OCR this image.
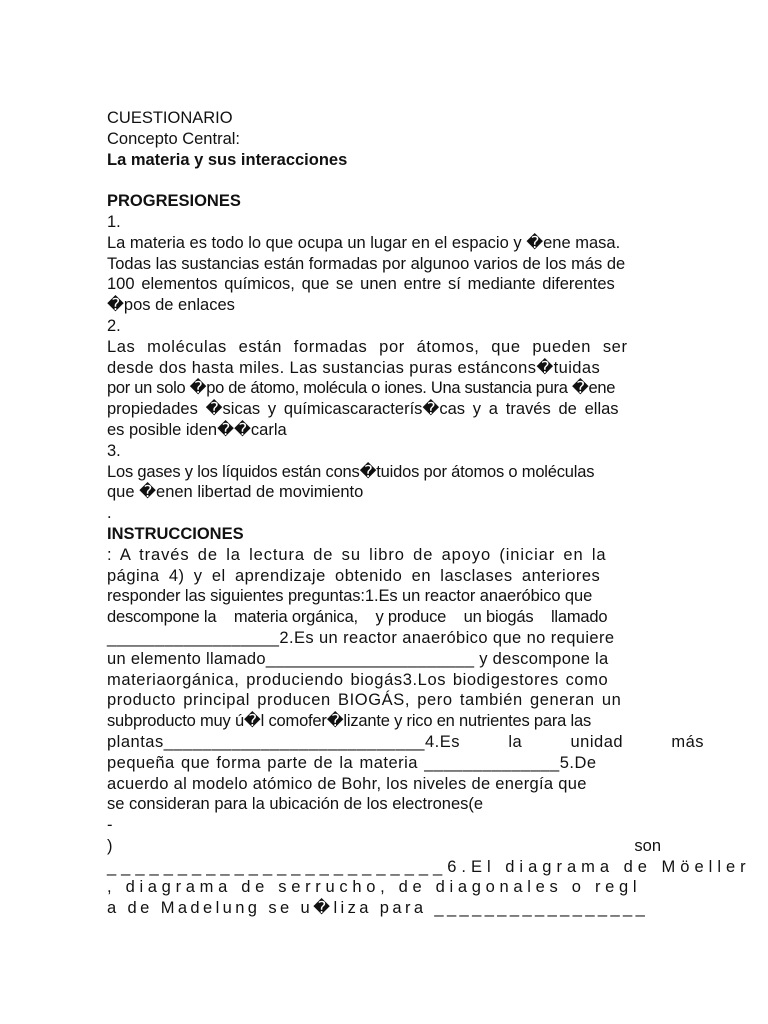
CUESTIONARIO
Concepto Central:
La materia y sus interacciones
PROGRESIONES
1.
La materia es todo lo que ocupa un lugar en el espacio y �ene masa.
Todas las sustancias están formadas por algunoo varios de los más de
100 elementos químicos, que se unen entre sí mediante diferentes
�pos de enlaces
2.
Las moléculas están formadas por átomos, que pueden ser
desde dos hasta miles. Las sustancias puras estáncons�tuidas
por un solo �po de átomo, molécula o iones. Una sustancia pura �ene
propiedades �sicas y químicascaracterís�cas y a través de ellas
es posible iden��carla
3.
Los gases y los líquidos están cons�tuidos por átomos o moléculas
que �enen libertad de movimiento
.
INSTRUCCIONES
: A través de la lectura de su libro de apoyo (iniciar en la
página 4) y el aprendizaje obtenido en lasclases anteriores
responder las siguientes preguntas:1.Es un reactor anaeróbico que
descompone la    materia orgánica,    y produce    un biogás    llamado
__________________2.Es un reactor anaeróbico que no requiere
un elemento llamado______________________ y descompone la
materiaorgánica, produciendo biogás3.Los biodigestores como
producto principal producen BIOGÁS, pero también generan un
subproducto muy ú�l comofer�lizante y rico en nutrientes para las
plantas___________________________4.Es    la    unidad    más
pequeña que forma parte de la materia ______________5.De
acuerdo al modelo atómico de Bohr, los niveles de energía que
se consideran para la ubicación de los electrones(e
-
)	son
________________________6.El diagrama de Möeller
, diagrama de serrucho, de diagonales o regl
a de Madelung se u�liza para _________________
